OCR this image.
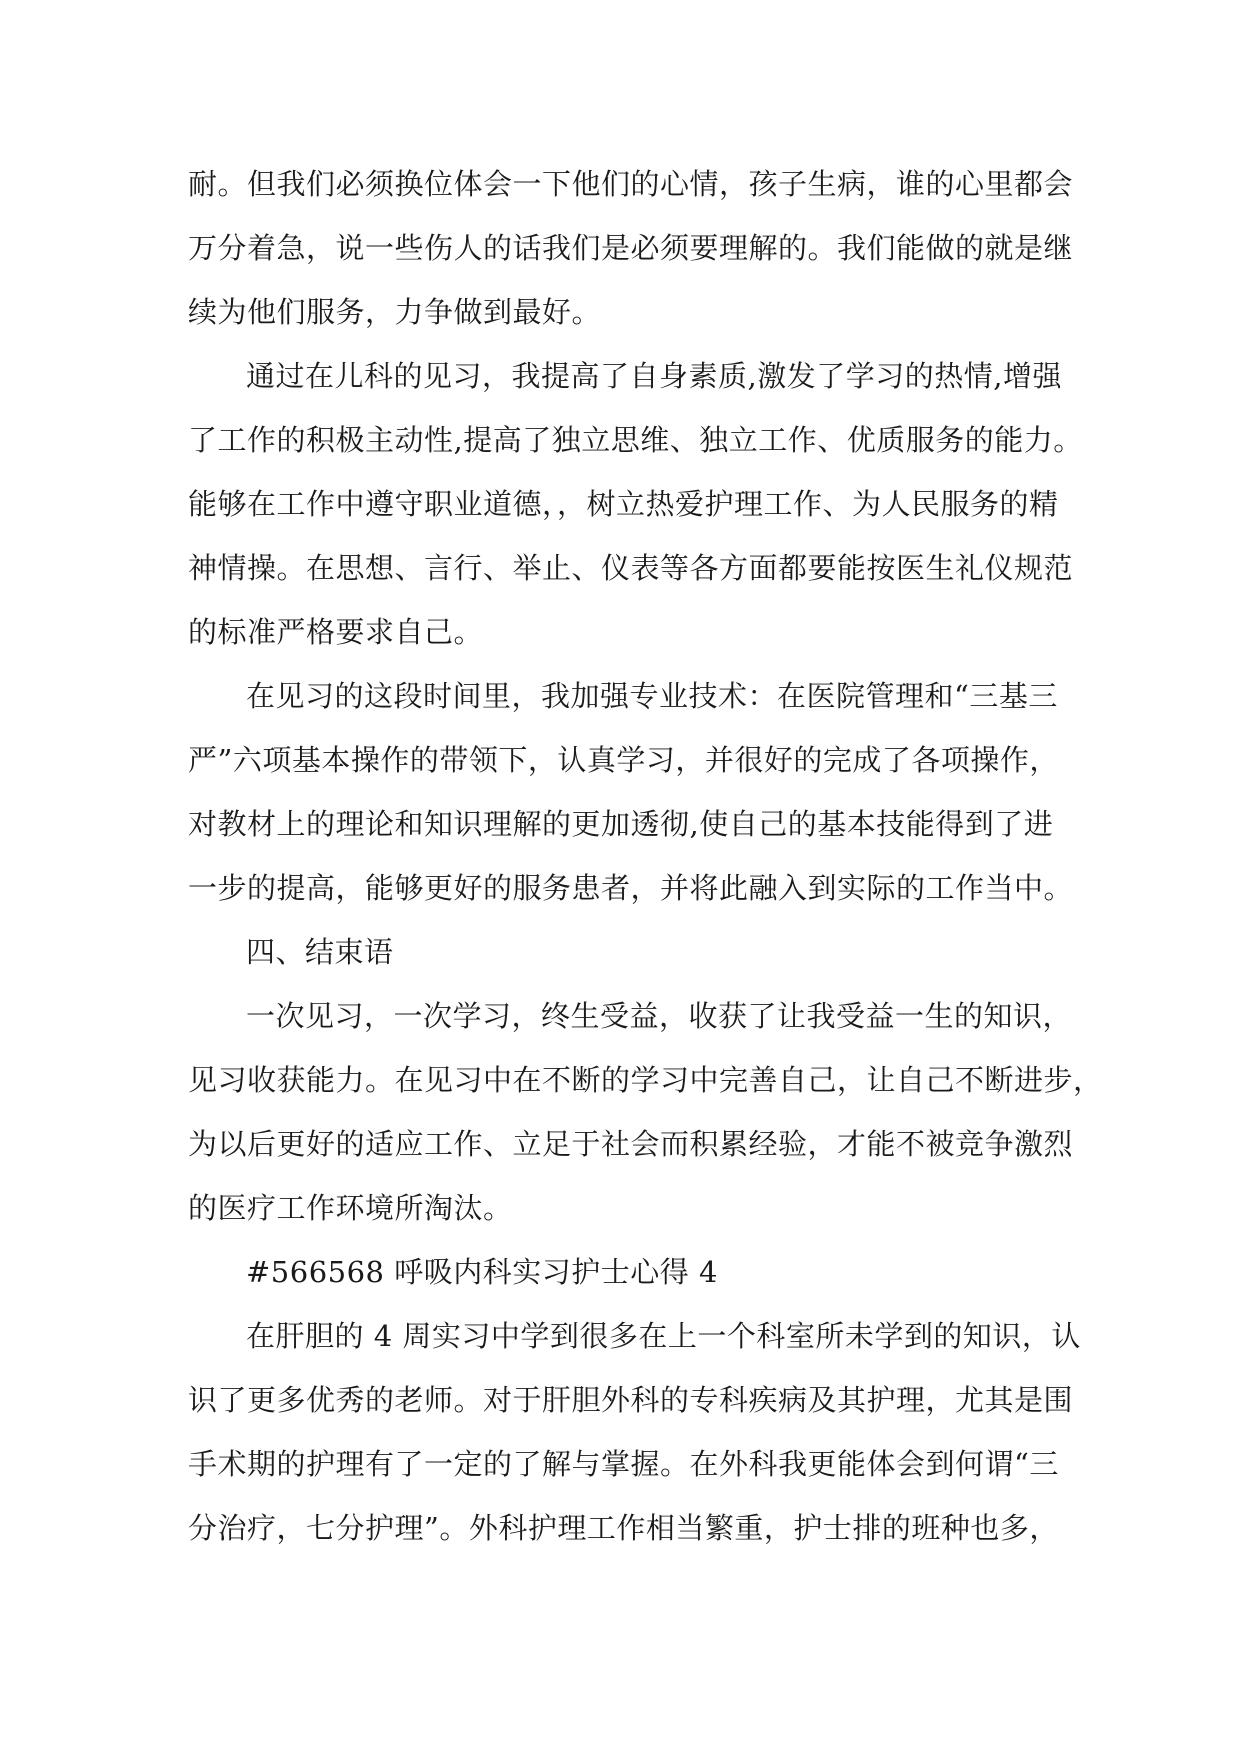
耐。但我们必须换位体会一下他们的心情，孩子生病，谁的心里都会
万分着急，说一些伤人的话我们是必须要理解的。我们能做的就是继
续为他们服务，力争做到最好。
通过在儿科的见习，我提高了自身素质,激发了学习的热情,增强
了工作的积极主动性,提高了独立思维、独立工作、优质服务的能力。
能够在工作中遵守职业道德，，树立热爱护理工作、为人民服务的精
神情操。在思想、言行、举止、仪表等各方面都要能按医生礼仪规范
的标准严格要求自己。
在见习的这段时间里，我加强专业技术：在医院管理和“三基三
严”六项基本操作的带领下，认真学习，并很好的完成了各项操作，
对教材上的理论和知识理解的更加透彻,使自己的基本技能得到了进
一步的提高，能够更好的服务患者，并将此融入到实际的工作当中。
四、结束语
一次见习，一次学习，终生受益，收获了让我受益一生的知识，
见习收获能力。在见习中在不断的学习中完善自己，让自己不断进步，
为以后更好的适应工作、立足于社会而积累经验，才能不被竞争激烈
的医疗工作环境所淘汰。
#566568 呼吸内科实习护士心得 4
在肝胆的 4 周实习中学到很多在上一个科室所未学到的知识，认
识了更多优秀的老师。对于肝胆外科的专科疾病及其护理，尤其是围
手术期的护理有了一定的了解与掌握。在外科我更能体会到何谓“三
分治疗，七分护理”。外科护理工作相当繁重，护士排的班种也多，
